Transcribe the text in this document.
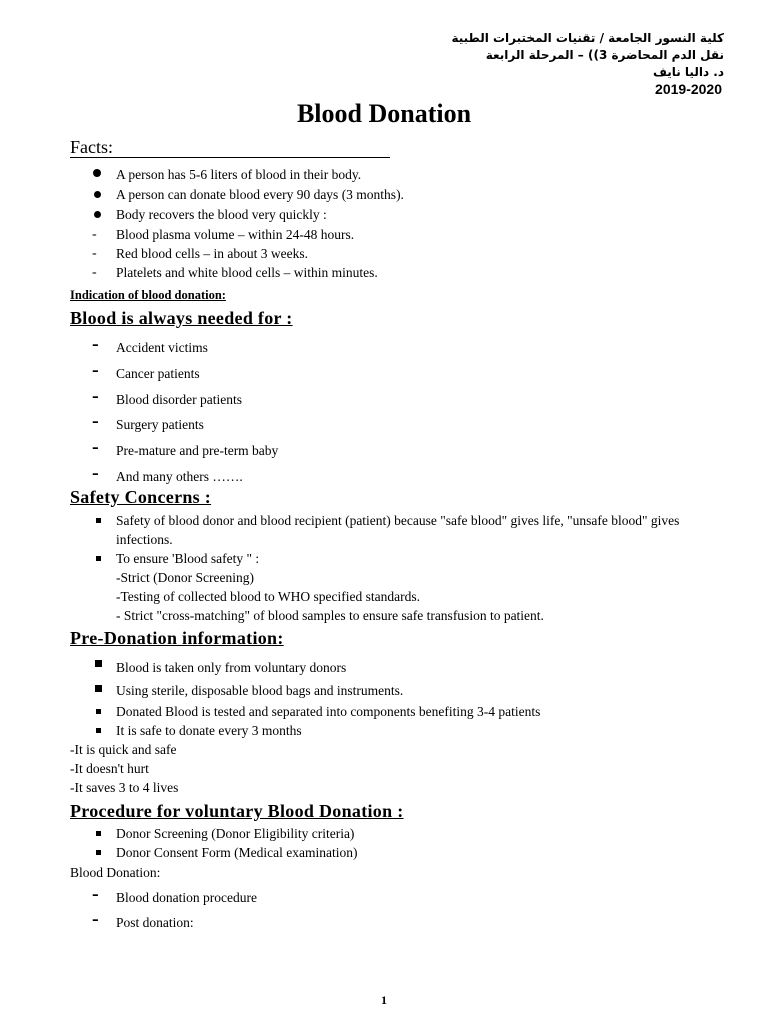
كلية النسور الجامعة / تقنيات المختبرات الطبية
نقل الدم المحاضرة 3)) – المرحلة الرابعة
د. داليا نايف
2019-2020
Blood Donation
Facts:
A person has 5-6 liters of blood in their body.
A person can donate blood every 90 days (3 months).
Body recovers the blood very quickly :
Blood plasma volume – within 24-48 hours.
Red blood cells – in about 3 weeks.
Platelets and white blood cells – within minutes.
Indication of blood donation:
Blood is always needed for :
Accident victims
Cancer patients
Blood disorder patients
Surgery patients
Pre-mature and pre-term baby
And many others …….
Safety Concerns :
Safety of blood donor and blood recipient (patient) because "safe blood" gives life, "unsafe blood" gives infections.
To ensure 'Blood safety " :
-Strict (Donor Screening)
-Testing of collected blood to WHO specified standards.
- Strict "cross-matching" of blood samples to ensure safe transfusion to patient.
Pre-Donation information:
Blood is taken only from voluntary donors
Using sterile, disposable blood bags and instruments.
Donated Blood is tested and separated into components benefiting 3-4 patients
It is safe to donate every 3 months
-It is quick and safe
-It doesn't hurt
-It saves 3 to 4 lives
Procedure for voluntary Blood Donation :
Donor Screening (Donor Eligibility criteria)
Donor Consent Form (Medical examination)
Blood Donation:
Blood donation procedure
Post donation:
1
